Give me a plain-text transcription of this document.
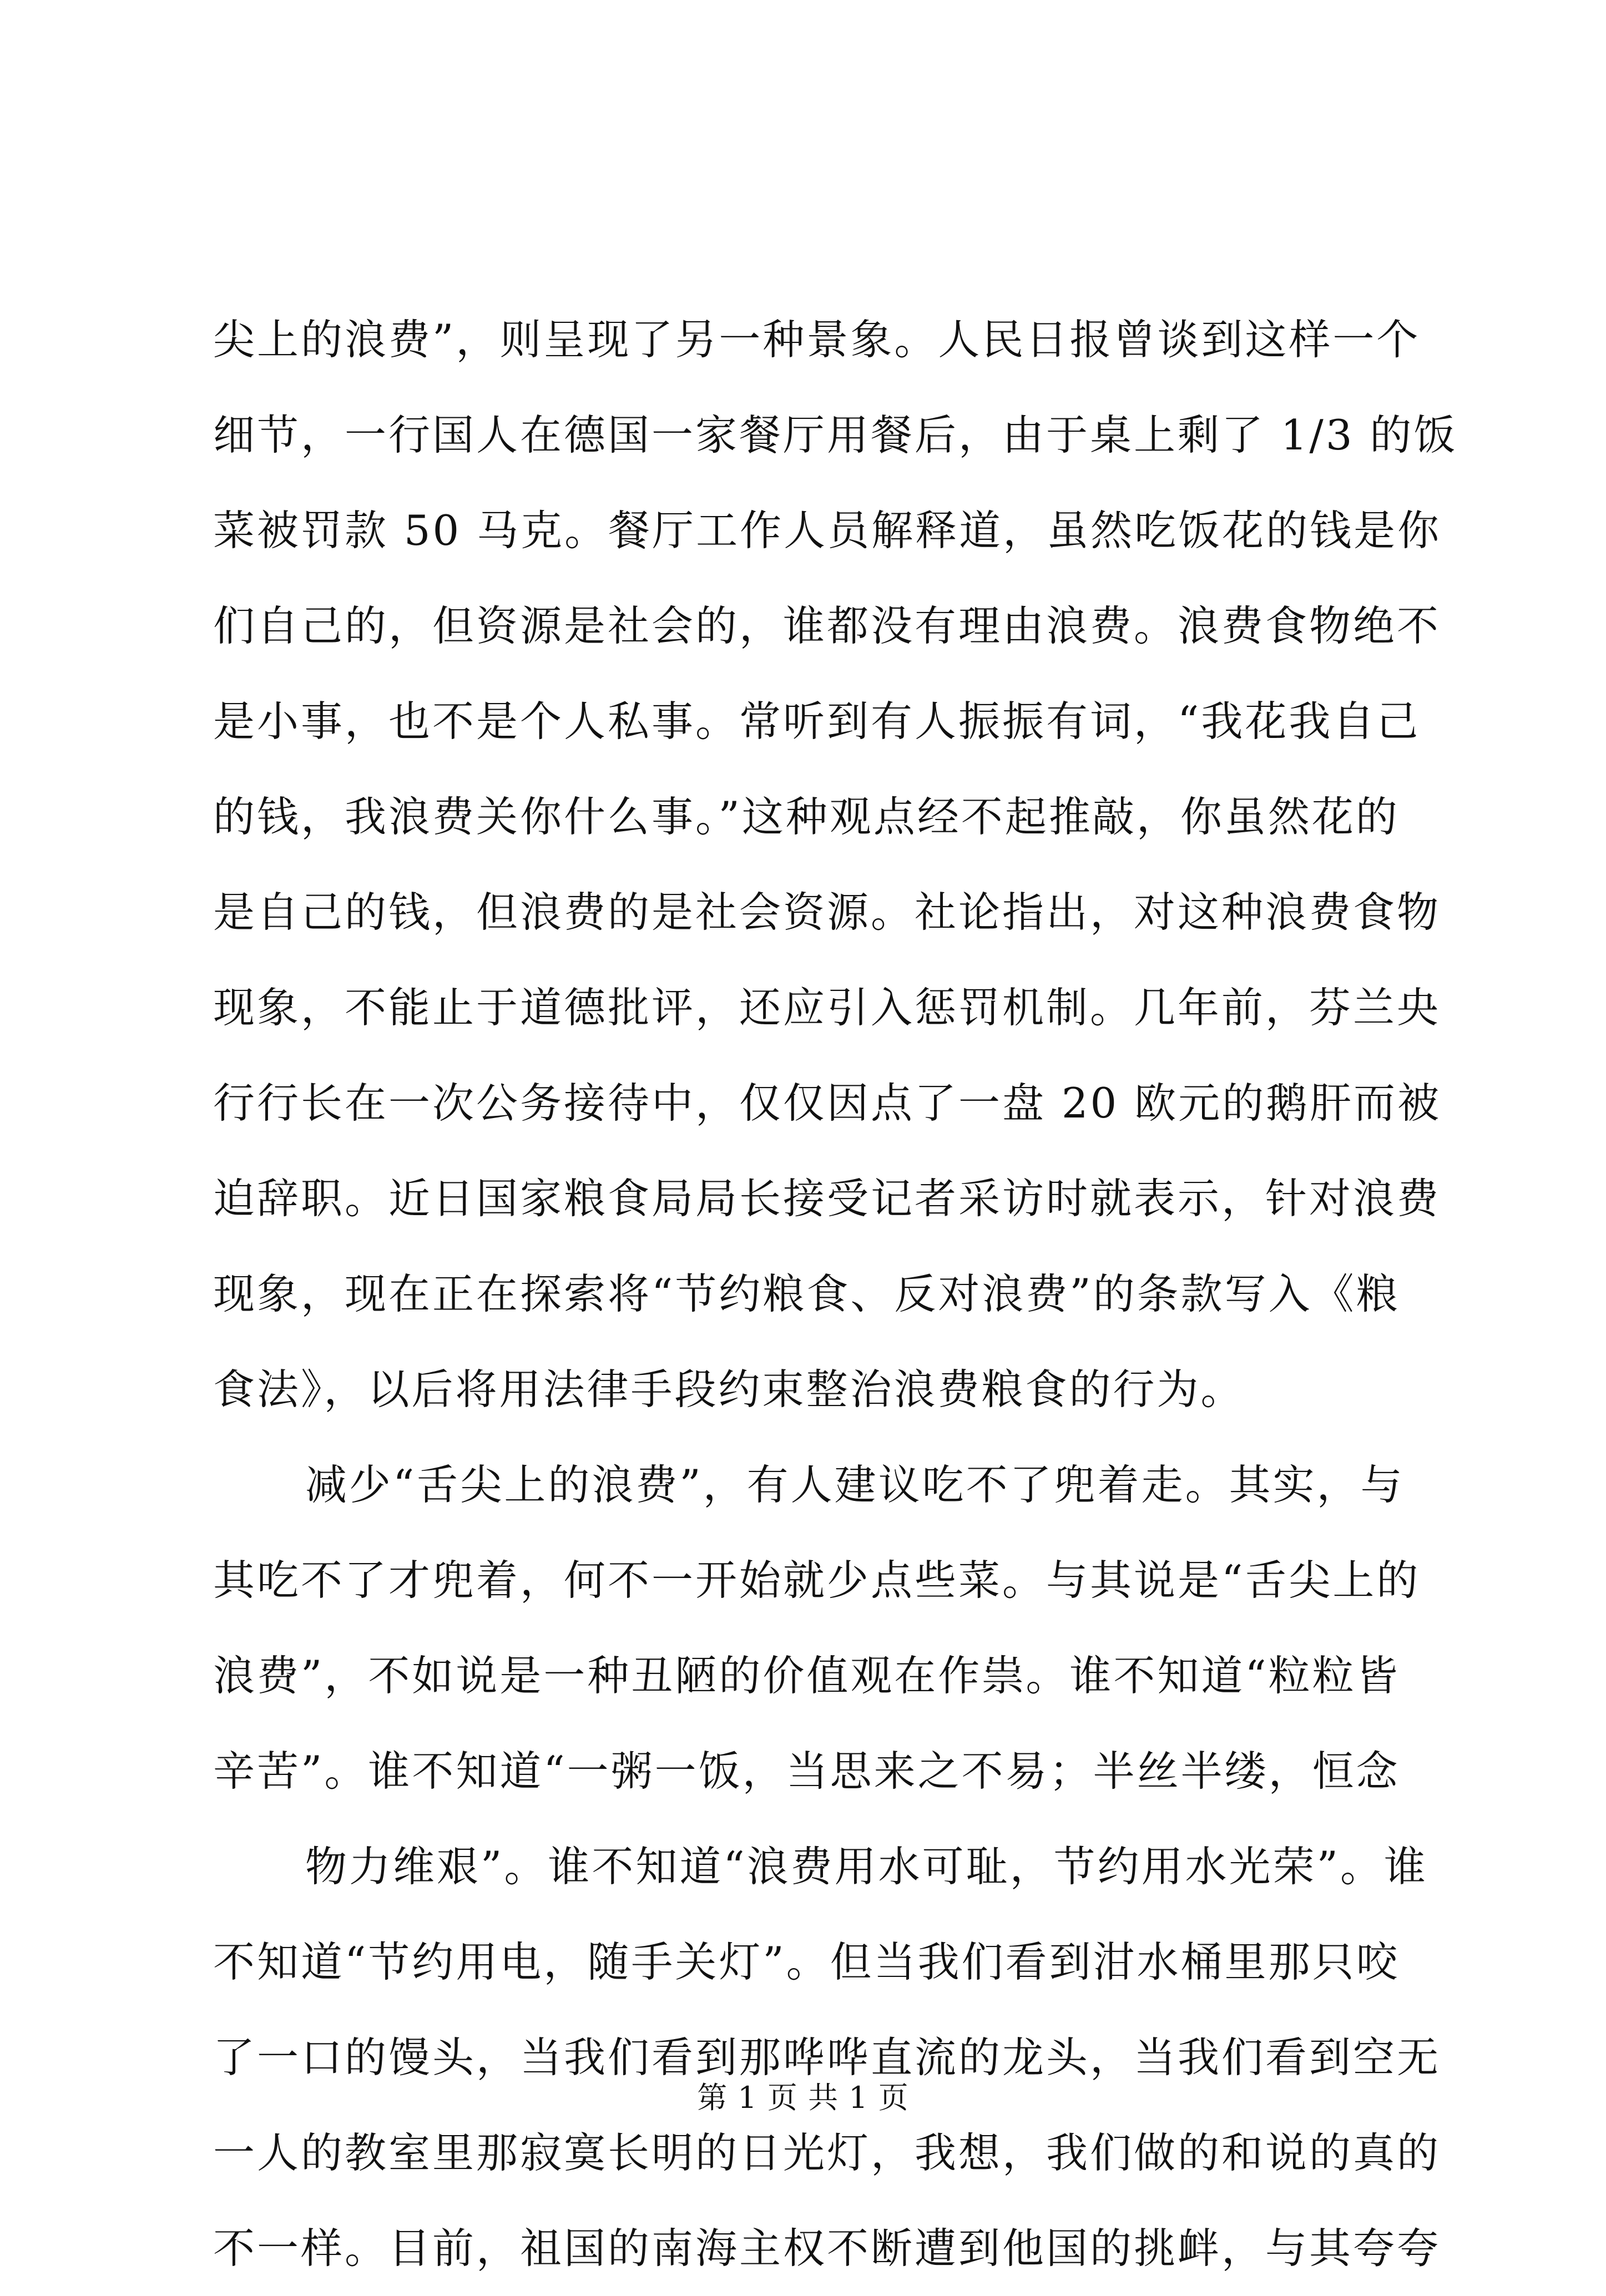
尖上的浪费”，则呈现了另一种景象。人民日报曾谈到这样一个
细节，一行国人在德国一家餐厅用餐后，由于桌上剩了 1/3 的饭
菜被罚款 50 马克。餐厅工作人员解释道，虽然吃饭花的钱是你
们自己的，但资源是社会的，谁都没有理由浪费。浪费食物绝不
是小事，也不是个人私事。常听到有人振振有词，“我花我自己
的钱，我浪费关你什么事。”这种观点经不起推敲，你虽然花的
是自己的钱，但浪费的是社会资源。社论指出，对这种浪费食物
现象，不能止于道德批评，还应引入惩罚机制。几年前，芬兰央
行行长在一次公务接待中，仅仅因点了一盘 20 欧元的鹅肝而被
迫辞职。近日国家粮食局局长接受记者采访时就表示，针对浪费
现象，现在正在探索将“节约粮食、反对浪费”的条款写入《粮
食法》，以后将用法律手段约束整治浪费粮食的行为。
减少“舌尖上的浪费”，有人建议吃不了兜着走。其实，与
其吃不了才兜着，何不一开始就少点些菜。与其说是“舌尖上的
浪费”，不如说是一种丑陋的价值观在作祟。谁不知道“粒粒皆
辛苦”。谁不知道“一粥一饭，当思来之不易；半丝半缕，恒念
物力维艰”。谁不知道“浪费用水可耻，节约用水光荣”。谁
不知道“节约用电，随手关灯”。但当我们看到泔水桶里那只咬
了一口的馒头，当我们看到那哗哗直流的龙头，当我们看到空无
一人的教室里那寂寞长明的日光灯，我想，我们做的和说的真的
不一样。目前，祖国的南海主权不断遭到他国的挑衅，与其夸夸
第 1 页 共 1 页
